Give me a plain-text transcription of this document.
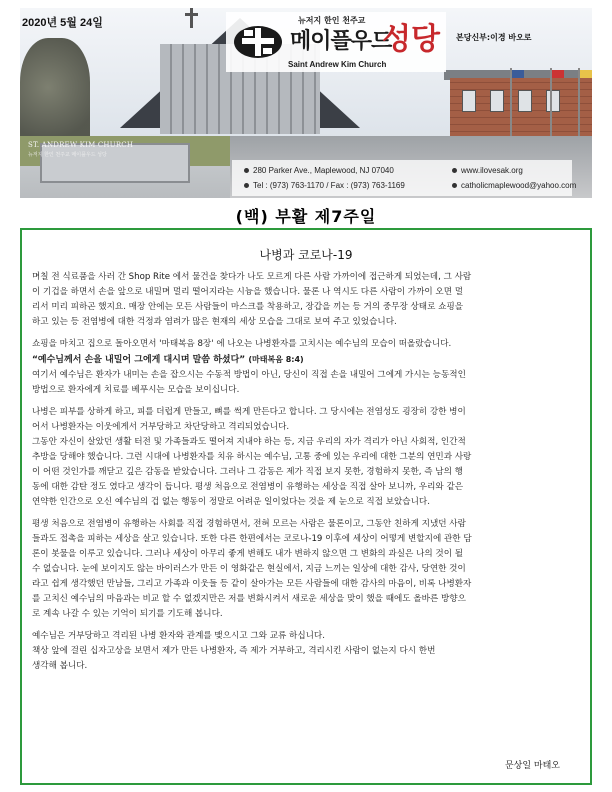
ST. ANDREW KIM CHURCH
뉴저지 한인 천주교 메이플우드 성당
280 Parker Ave., Maplewood, NJ 07040	www.ilovesak.org
Tel : (973) 763-1170 / Fax : (973) 763-1169	catholicmaplewood@yahoo.com
2020년 5월 24일	뉴저지 한인 천주교
메이플우드
성당
Saint Andrew Kim Church
본당신부:이경 바오로
(백) 부활 제7주일
나병과 코로나-19
며칠 전 식료품을 사러 간 Shop Rite 에서 물건을 찾다가 나도 모르게 다른 사람 가까이에 접근하게 되었는데, 그 사람
이 기겁을 하면서 손을 앞으로 내밀며 멀리 떨어지라는 시늉을 했습니다. 물론 나 역시도 다른 사람이 가까이 오면 멀
리서 미리 피하곤 했지요. 매장 안에는 모든 사람들이 마스크를 착용하고, 장갑을 끼는 등 거의 중무장 상태로 쇼핑을
하고 있는 등 전염병에 대한 걱정과 염려가 많은 현재의 세상 모습을 그대로 보여 주고 있었습니다.
쇼핑을 마치고 집으로 돌아오면서 '마태복음 8장' 에 나오는 나병환자를 고치시는 예수님의 모습이 떠올랐습니다.
“예수님께서 손을 내밀어 그에게 대시며 말씀 하셨다” (마태복음 8:4)
여기서 예수님은 환자가 내미는 손을 잡으시는 수동적 방법이 아닌, 당신이 직접 손을 내밀어 그에게 가시는 능동적인
방법으로 환자에게 치료를 베푸시는 모습을 보이십니다.
나병은 피부를 상하게 하고, 피를 더럽게 만들고, 뼈를 썩게 만든다고 합니다. 그 당시에는 전염성도 굉장히 강한 병이
어서 나병환자는 이웃에게서 거부당하고 차단당하고 격리되었습니다.
그동안 자신이 살았던 생활 터전 및 가족들과도 떨어져 지내야 하는 등, 지금 우리의 자가 격리가 아닌 사회적, 인간적
추방을 당해야 했습니다. 그런 시대에 나병환자를 치유 하시는 예수님, 고통 중에 있는 우리에 대한 그분의 연민과 사랑
이 어떤 것인가를 깨닫고 깊은 감동을 받았습니다. 그러나 그 감동은 제가 직접 보지 못한, 경험하지 못한, 즉 남의 행
동에 대한 감탄 정도 였다고 생각이 듭니다. 평생 처음으로 전염병이 유행하는 세상을 직접 살아 보니까, 우리와 같은
연약한 인간으로 오신 예수님의 겁 없는 행동이 정말로 어려운 일이었다는 것을 제 눈으로 직접 보았습니다.
평생 처음으로 전염병이 유행하는 사회를 직접 경험하면서, 전혀 모르는 사람은 물론이고, 그동안 친하게 지냈던 사람
들과도 접촉을 피하는 세상을 살고 있습니다. 또한 다른 한편에서는 코로나-19 이후에 세상이 어떻게 변할지에 관한 담
론이 봇물을 이루고 있습니다. 그러나 세상이 아무리 좋게 변해도 내가 변하지 않으면 그 변화의 과실은 나의 것이 될
수 없습니다. 눈에 보이지도 않는 바이러스가 만든 이 영화같은 현실에서, 지금 느끼는 일상에 대한 감사, 당연한 것이
라고 쉽게 생각했던 만남들, 그리고 가족과 이웃들 등 같이 살아가는 모든 사람들에 대한 감사의 마음이, 비록 나병환자
를 고치신 예수님의 마음과는 비교 할 수 없겠지만은 저를 변화시켜서 새로운 세상을 맞이 했을 때에도 올바른 방향으
로 계속 나갈 수 있는 기억이 되기를 기도해 봅니다.
예수님은 거부당하고 격리된 나병 환자와 관계를 맺으시고 그와 교류 하십니다.
책상 앞에 걸린 십자고상을 보면서 제가 만든 나병환자, 즉 제가 거부하고, 격리시킨 사람이 없는지 다시 한번
생각해 봅니다.
문상일 마태오
